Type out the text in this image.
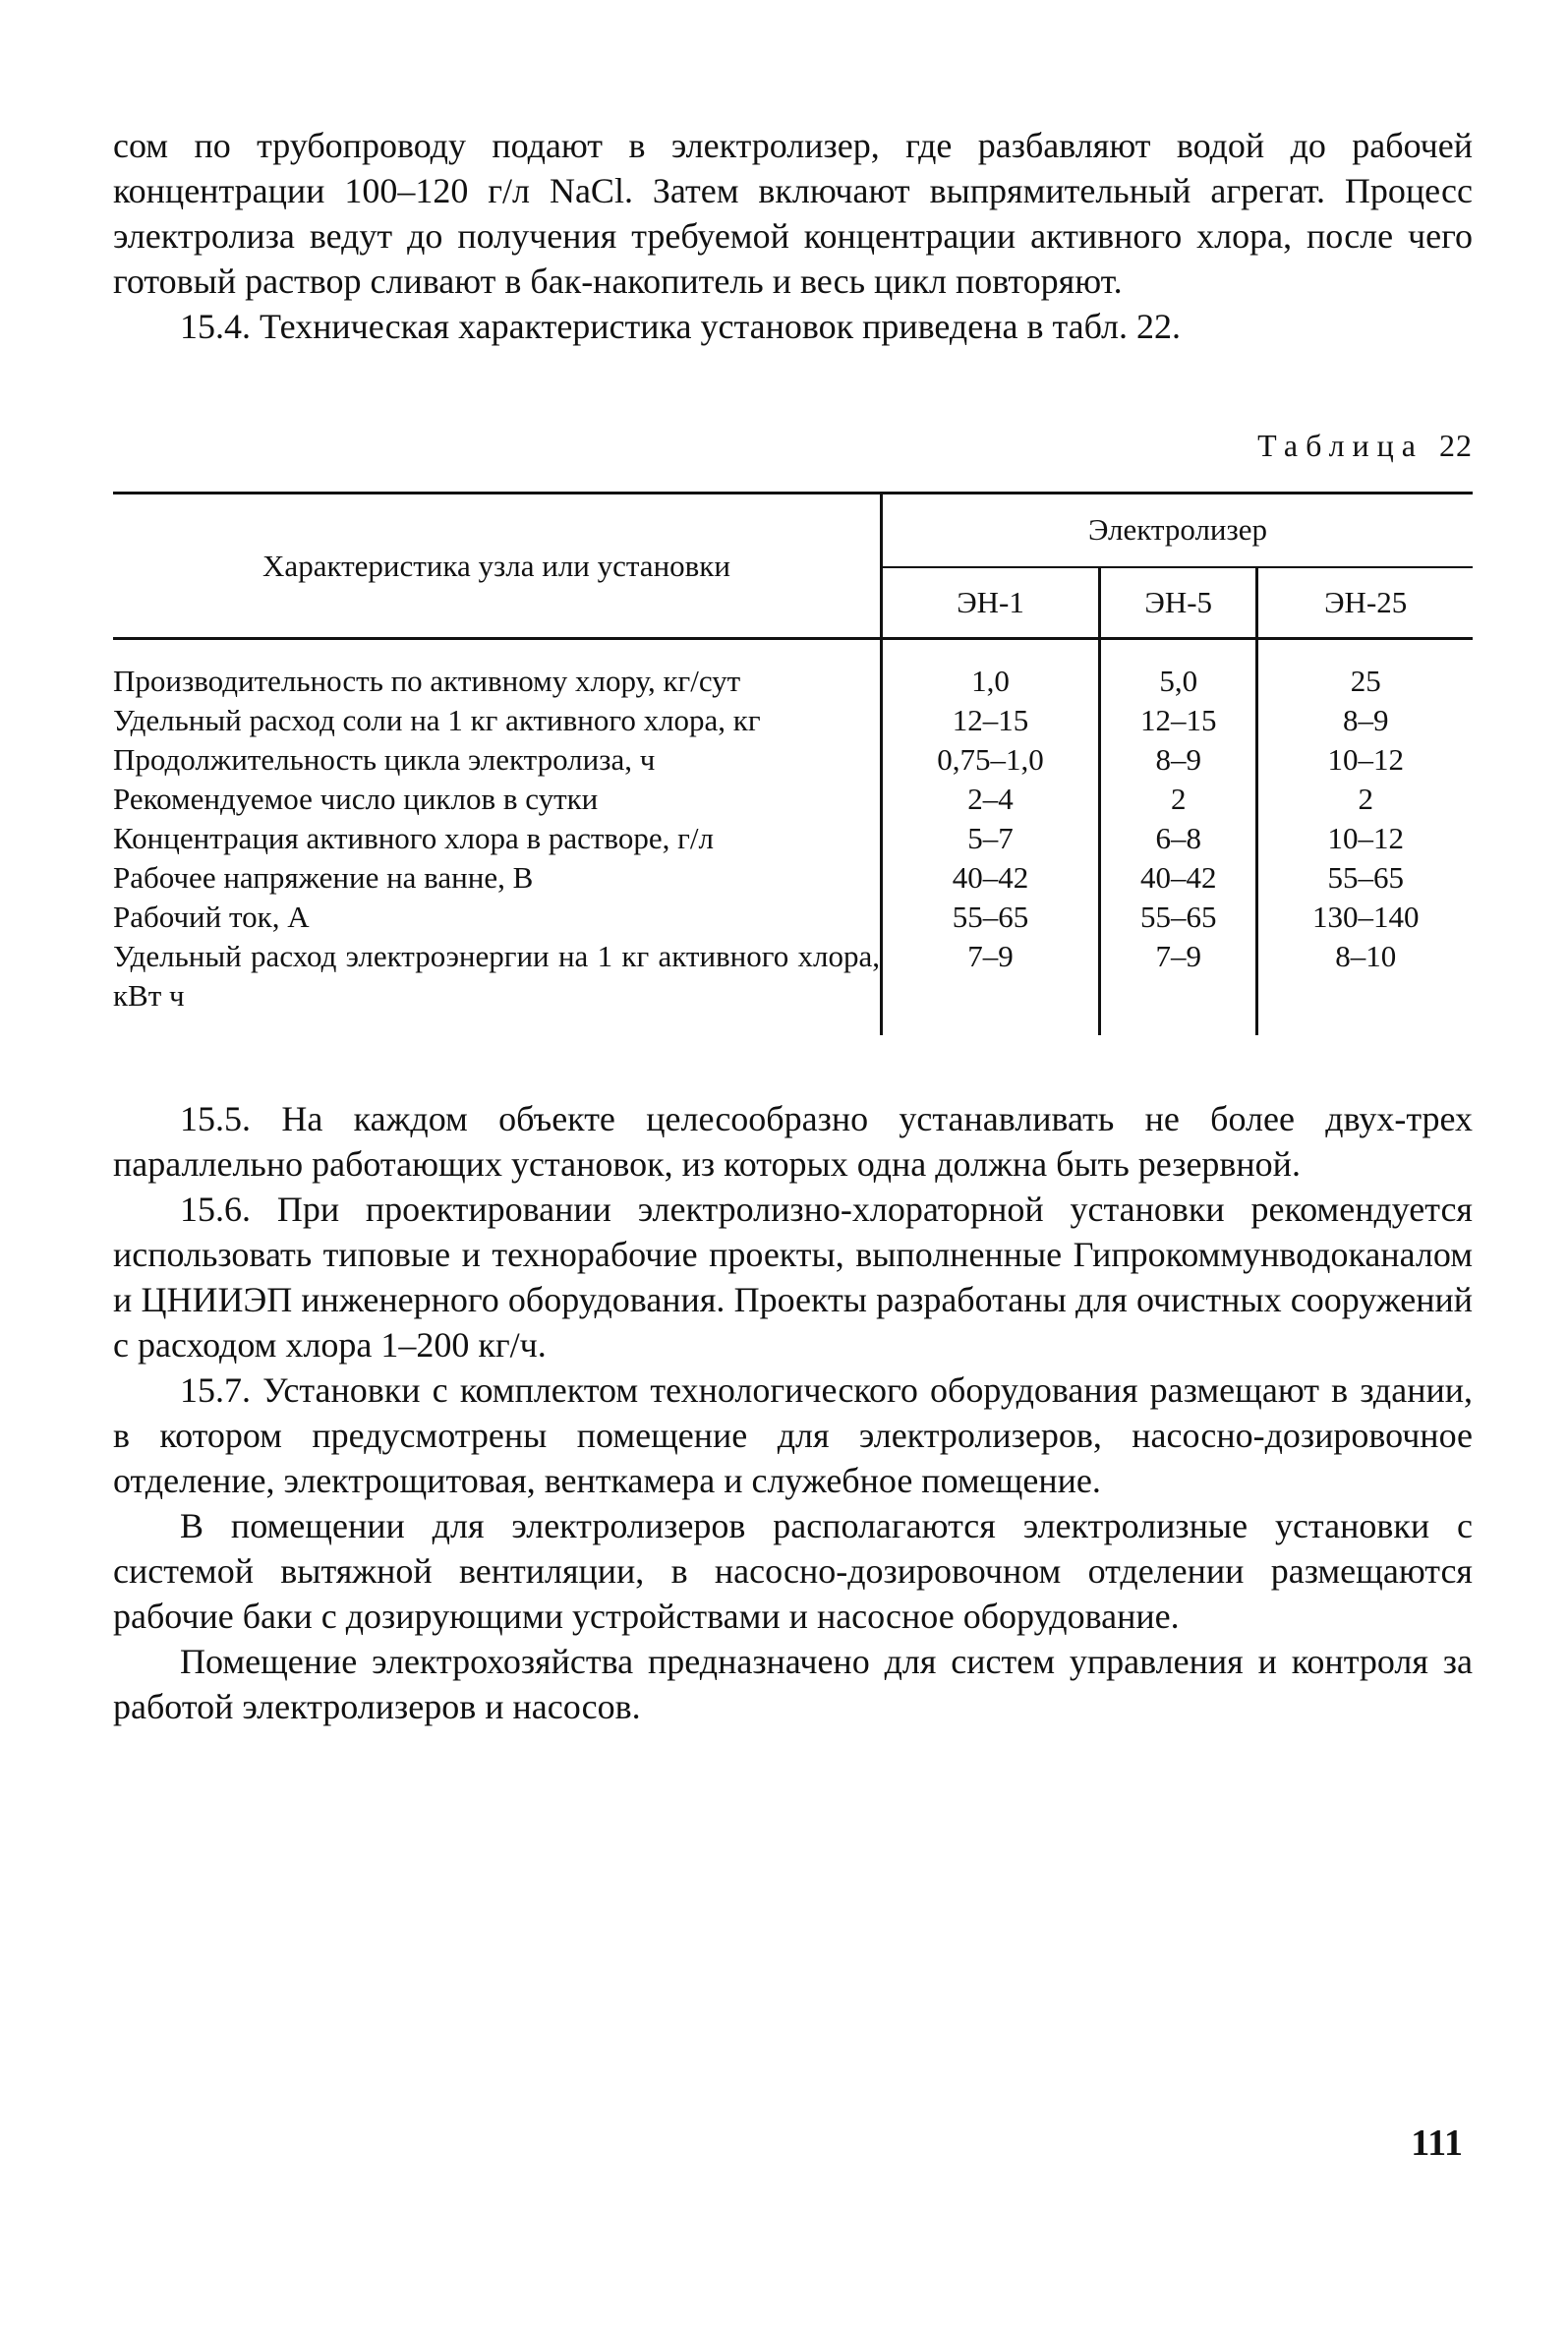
сом по трубопроводу подают в электролизер, где разбавляют водой до рабочей концентрации 100–120 г/л NaCl. Затем включают выпрямительный агрегат. Процесс электролиза ведут до получения требуемой концентрации активного хлора, после чего готовый раствор сливают в бак-накопитель и весь цикл повторяют.

15.4. Техническая характеристика установок приведена в табл. 22.

Таблица 22
Характеристика узла или установки	Электролизер		
	ЭН-1	ЭН-5	ЭН-25
Производительность по активному хлору, кг/сут	1,0	5,0	25
Удельный расход соли на 1 кг активного хлора, кг	12–15	12–15	8–9
Продолжительность цикла электролиза, ч	0,75–1,0	8–9	10–12
Рекомендуемое число циклов в сутки	2–4	2	2
Концентрация активного хлора в растворе, г/л	5–7	6–8	10–12
Рабочее напряжение на ванне, В	40–42	40–42	55–65
Рабочий ток, А	55–65	55–65	130–140
Удельный расход электроэнергии на 1 кг активного хлора, кВт ч	7–9	7–9	8–10

15.5. На каждом объекте целесообразно устанавливать не более двух-трех параллельно работающих установок, из которых одна должна быть резервной.

15.6. При проектировании электролизно-хлораторной установки рекомендуется использовать типовые и техноpабочие проекты, выполненные Гипрокоммунводоканалом и ЦНИИЭП инженерного оборудования. Проекты разработаны для очистных сооружений с расходом хлора 1–200 кг/ч.

15.7. Установки с комплектом технологического оборудования размещают в здании, в котором предусмотрены помещение для электролизеров, насосно-дозировочное отделение, электрощитовая, венткамера и служебное помещение.

В помещении для электролизеров располагаются электролизные установки с системой вытяжной вентиляции, в насосно-дозировочном отделении размещаются рабочие баки с дозирующими устройствами и насосное оборудование.

Помещение электрохозяйства предназначено для систем управления и контроля за работой электролизеров и насосов.

111
